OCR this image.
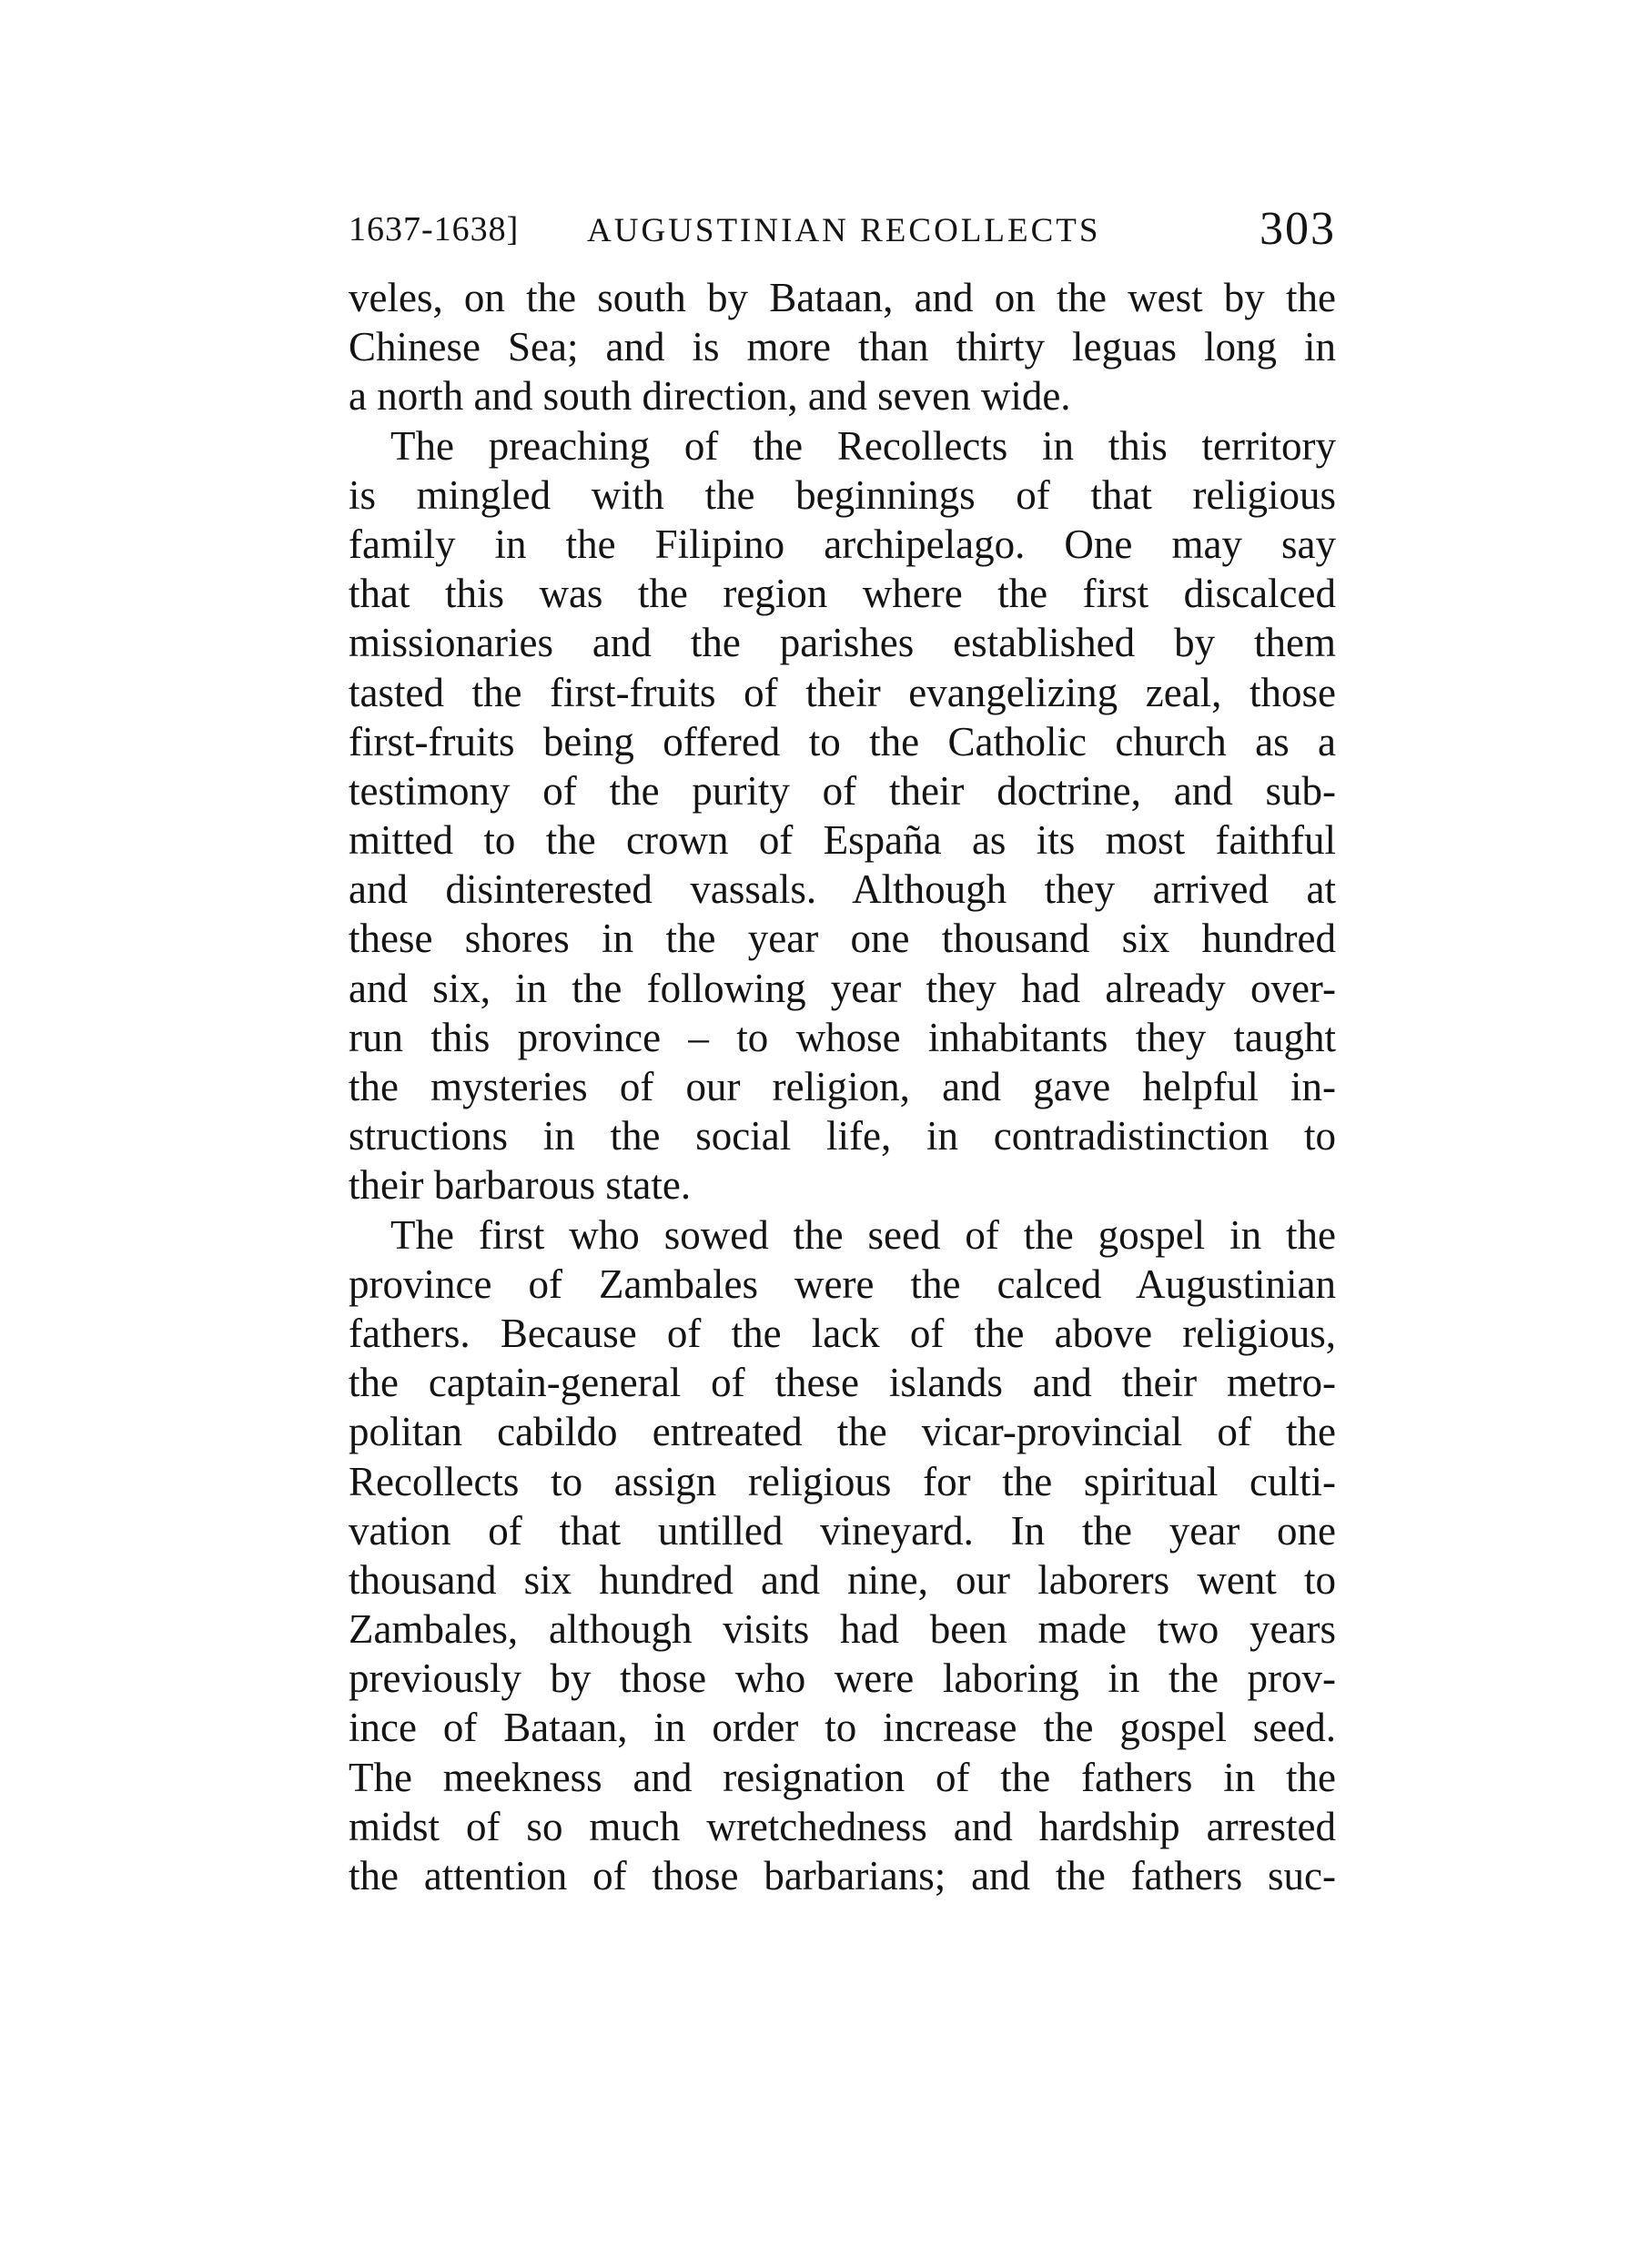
1637-1638] AUGUSTINIAN RECOLLECTS	303
veles, on the south by Bataan, and on the west by the
Chinese Sea; and is more than thirty leguas long in
a north and south direction, and seven wide.
The preaching of the Recollects in this territory
is mingled with the beginnings of that religious
family in the Filipino archipelago. One may say
that this was the region where the first discalced
missionaries and the parishes established by them
tasted the first-fruits of their evangelizing zeal, those
first-fruits being offered to the Catholic church as a
testimony of the purity of their doctrine, and sub-
mitted to the crown of España as its most faithful
and disinterested vassals. Although they arrived at
these shores in the year one thousand six hundred
and six, in the following year they had already over-
run this province – to whose inhabitants they taught
the mysteries of our religion, and gave helpful in-
structions in the social life, in contradistinction to
their barbarous state.
The first who sowed the seed of the gospel in the
province of Zambales were the calced Augustinian
fathers. Because of the lack of the above religious,
the captain-general of these islands and their metro-
politan cabildo entreated the vicar-provincial of the
Recollects to assign religious for the spiritual culti-
vation of that untilled vineyard. In the year one
thousand six hundred and nine, our laborers went to
Zambales, although visits had been made two years
previously by those who were laboring in the prov-
ince of Bataan, in order to increase the gospel seed.
The meekness and resignation of the fathers in the
midst of so much wretchedness and hardship arrested
the attention of those barbarians; and the fathers suc-
